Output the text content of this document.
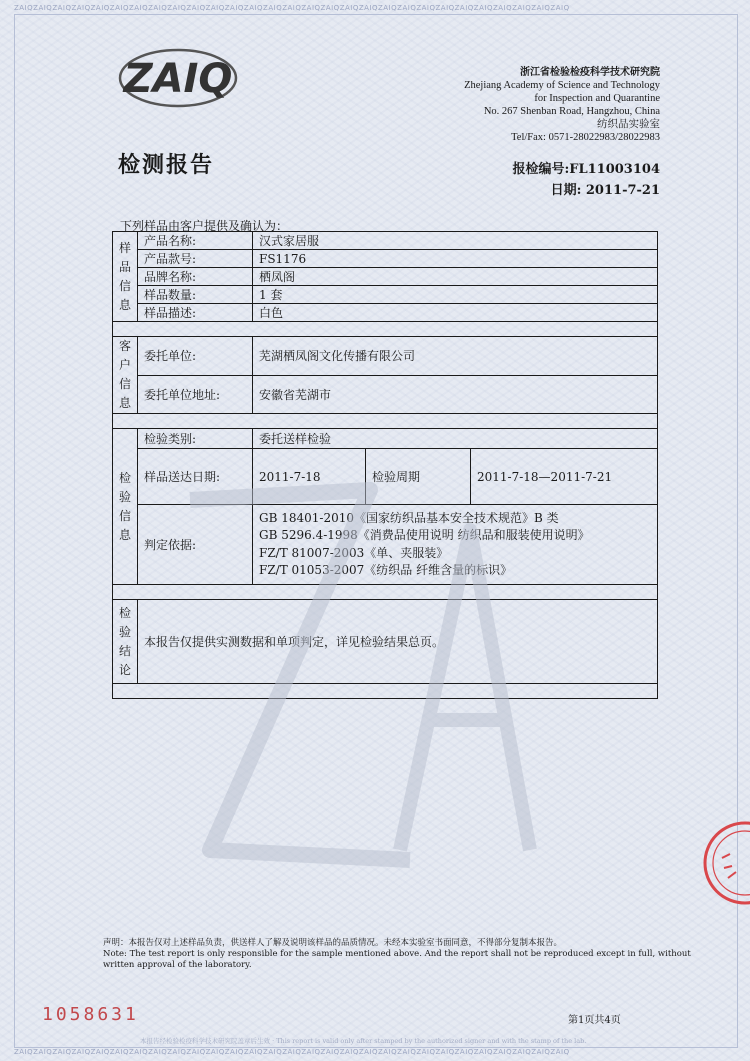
ZAIQZAIQZAIQZAIQZAIQZAIQZAIQZAIQZAIQZAIQZAIQZAIQZAIQZAIQZAIQZAIQZAIQZAIQZAIQZAIQZAIQZAIQZAIQZAIQZAIQZAIQZAIQZAIQZAIQ
ZAIQZAIQZAIQZAIQZAIQZAIQZAIQZAIQZAIQZAIQZAIQZAIQZAIQZAIQZAIQZAIQZAIQZAIQZAIQZAIQZAIQZAIQZAIQZAIQZAIQZAIQZAIQZAIQZAIQ
ZAIQ	浙江省检验检疫科学技术研究院
Zhejiang Academy of Science and Technology
for Inspection and Quarantine
No. 267 Shenban Road, Hangzhou, China
纺织品实验室
Tel/Fax: 0571-28022983/28022983
检测报告	报检编号:FL11003104
日期: 2011-7-21
下列样品由客户提供及确认为：
样
品
信
息	产品名称:	汉式家居服		
	产品款号:	FS1176		
	品牌名称:	栖凤阁		
	样品数量:	1 套		
	样品描述:	白色		

客
户
信
息	委托单位:	芜湖栖凤阁文化传播有限公司		
	委托单位地址:	安徽省芜湖市		

检
验
信
息	检验类别:	委托送样检验		
	样品送达日期:	2011-7-18	检验周期	2011-7-18—2011-7-21
	判定依据:	GB 18401-2010《国家纺织品基本安全技术规范》B 类
GB 5296.4-1998《消费品使用说明 纺织品和服装使用说明》
FZ/T 81007-2003《单、夹服装》
FZ/T 01053-2007《纺织品 纤维含量的标识》		

检
验
结
论	本报告仅提供实测数据和单项判定，详见检验结果总页。			

声明：本报告仅对上述样品负责，供送样人了解及说明该样品的品质情况。未经本实验室书面同意，不得部分复制本报告。
Note: The test report is only responsible for the sample mentioned above. And the report shall not be reproduced except in full, without
written approval of the laboratory.
第1页共4页
1058631
本报告经检验检疫科学技术研究院盖章后生效 · This report is valid only after stamped by the authorized signer and with the stamp of the lab.
